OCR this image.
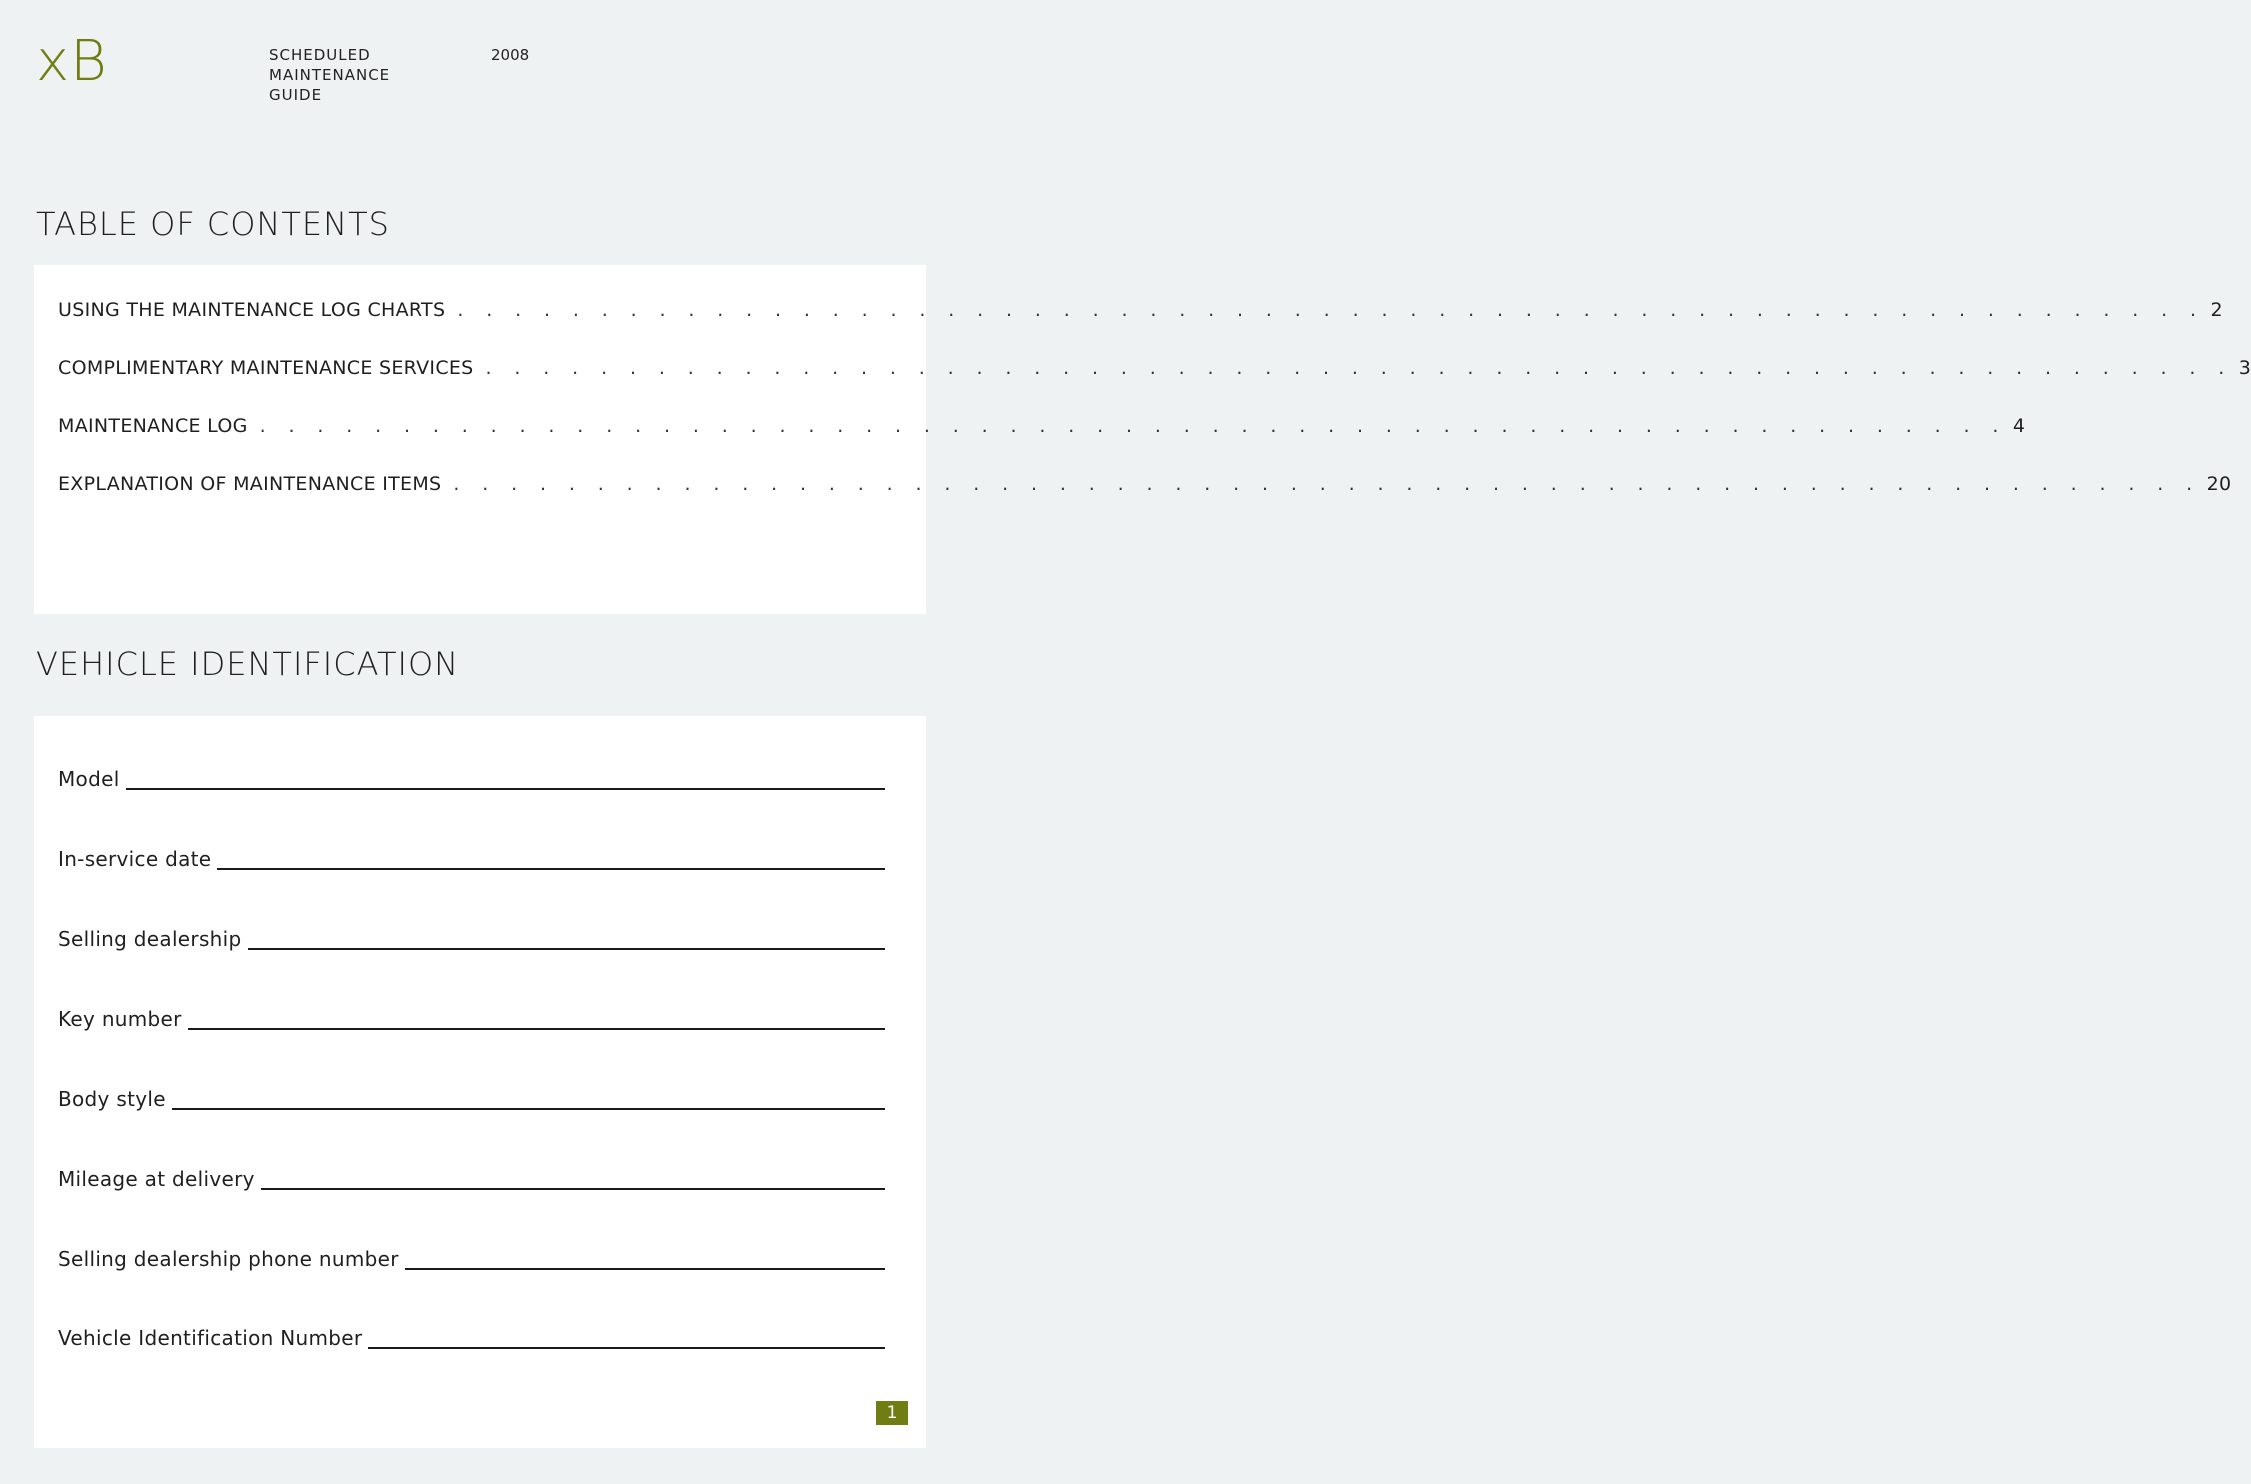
xB	SCHEDULED
MAINTENANCE
GUIDE
2008
TABLE OF CONTENTS
USING THE MAINTENANCE LOG CHARTS . . . . . . . . . . . . . . . . . . . . . . . . . . . . . . . . . . . . . . . . . . . . . . . . . . . . . . . . . . . . . 2
COMPLIMENTARY MAINTENANCE SERVICES . . . . . . . . . . . . . . . . . . . . . . . . . . . . . . . . . . . . . . . . . . . . . . . . . . . . . . . . . . . . . 3
MAINTENANCE LOG . . . . . . . . . . . . . . . . . . . . . . . . . . . . . . . . . . . . . . . . . . . . . . . . . . . . . . . . . . . . . 4
EXPLANATION OF MAINTENANCE ITEMS . . . . . . . . . . . . . . . . . . . . . . . . . . . . . . . . . . . . . . . . . . . . . . . . . . . . . . . . . . . . . 20
VEHICLE IDENTIFICATION
Model
In-service date
Selling dealership
Key number
Body style
Mileage at delivery
Selling dealership phone number
Vehicle Identification Number
1
